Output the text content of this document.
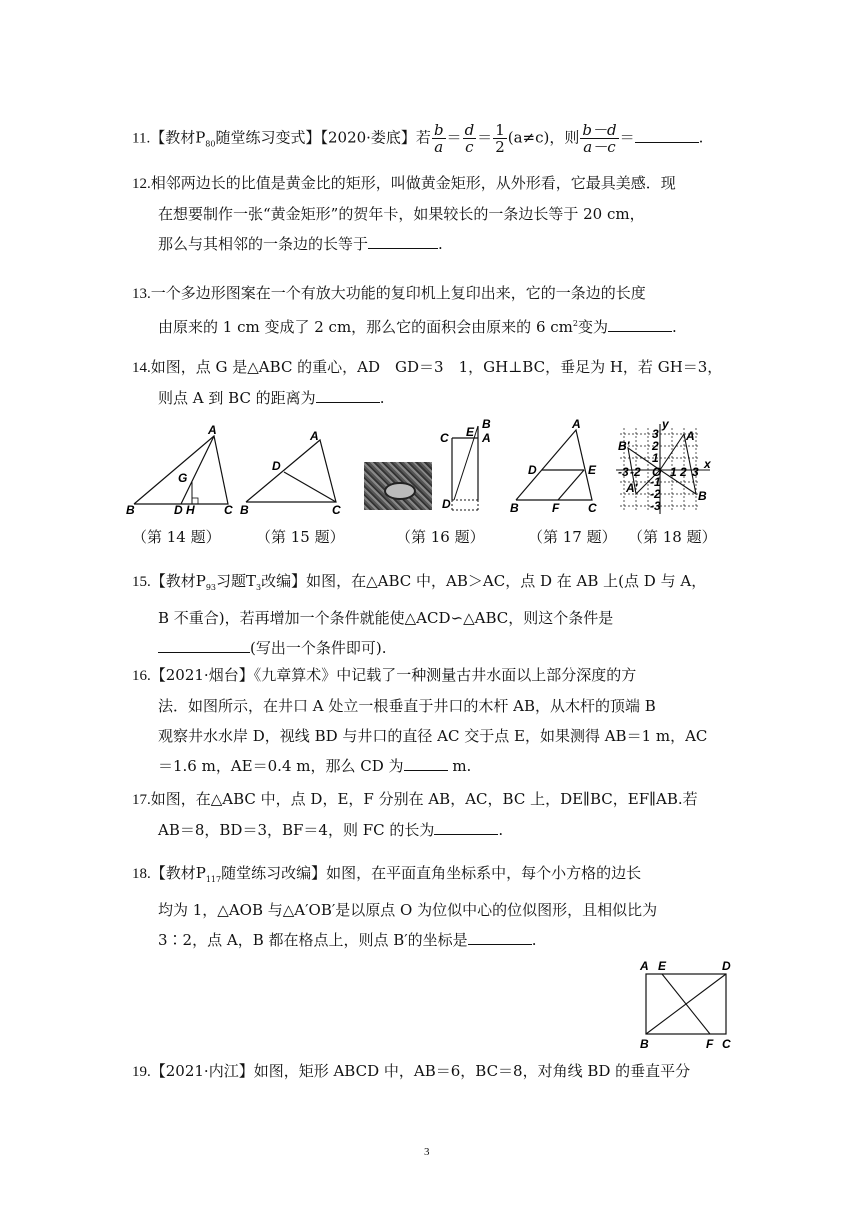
11.【教材$P_{80}$随堂练习变式】【2020·娄底】若 $\frac{b}{a} = \frac{d}{c} = \frac{1}{2} (a\ne c)$，则 $\frac{b-d}{a-c}$ ＝	.
12.相邻两边长的比值是黄金比的矩形，叫做黄金矩形，从外形看，它最具美感．现
在想要制作一张“黄金矩形”的贺年卡，如果较长的一条边长等于 20 cm，
那么与其相邻的一条边的长等于	.
13.一个多边形图案在一个有放大功能的复印机上复印出来，它的一条边的长度
由原来的 1 cm 变成了 2 cm，那么它的面积会由原来的 6 $cm^2$变为	.
14.如图，点 G 是△ABC 的重心，AD　GD＝3　1，GH⊥BC，垂足为 H，若 GH＝3，
则点 A 到 BC 的距离为	.
A
G
B	D H C
A
D
B	C
C E
B
A
D
A
D	E
B	F C
y
3
2
1
O 1 2 3
x
-1
-2
-3
-3 -2
A
B
A′
B′
（第 14 题） （第 15 题）	（第 16 题）	（第 17 题） （第 18 题）
15.【教材$P_{93}$习题$T_3$改编】如图，在△ABC 中，AB＞AC，点 D 在 AB 上(点 D 与 A，
B 不重合)，若再增加一个条件就能使△ACD∽△ABC，则这个条件是
(写出一个条件即可).
16.【2021·烟台】《九章算术》中记载了一种测量古井水面以上部分深度的方
法．如图所示，在井口 A 处立一根垂直于井口的木杆 AB，从木杆的顶端 B
观察井水水岸 D，视线 BD 与井口的直径 AC 交于点 E，如果测得 AB＝1 m，AC
＝1.6 m，AE＝0.4 m，那么 CD 为	m.
17.如图，在△ABC 中，点 D，E，F 分别在 AB，AC，BC 上，DE∥BC，EF∥AB.若
AB＝8，BD＝3，BF＝4，则 FC 的长为	.
18.【教材$P_{117}$随堂练习改编】如图，在平面直角坐标系中，每个小方格的边长
均为 1，△AOB 与△A′OB′是以原点 O 为位似中心的位似图形，且相似比为
3∶2，点 A，B 都在格点上，则点 B′的坐标是	.
A E	D
B	F C
19.【2021·内江】如图，矩形 ABCD 中，AB＝6，BC＝8，对角线 BD 的垂直平分
3
